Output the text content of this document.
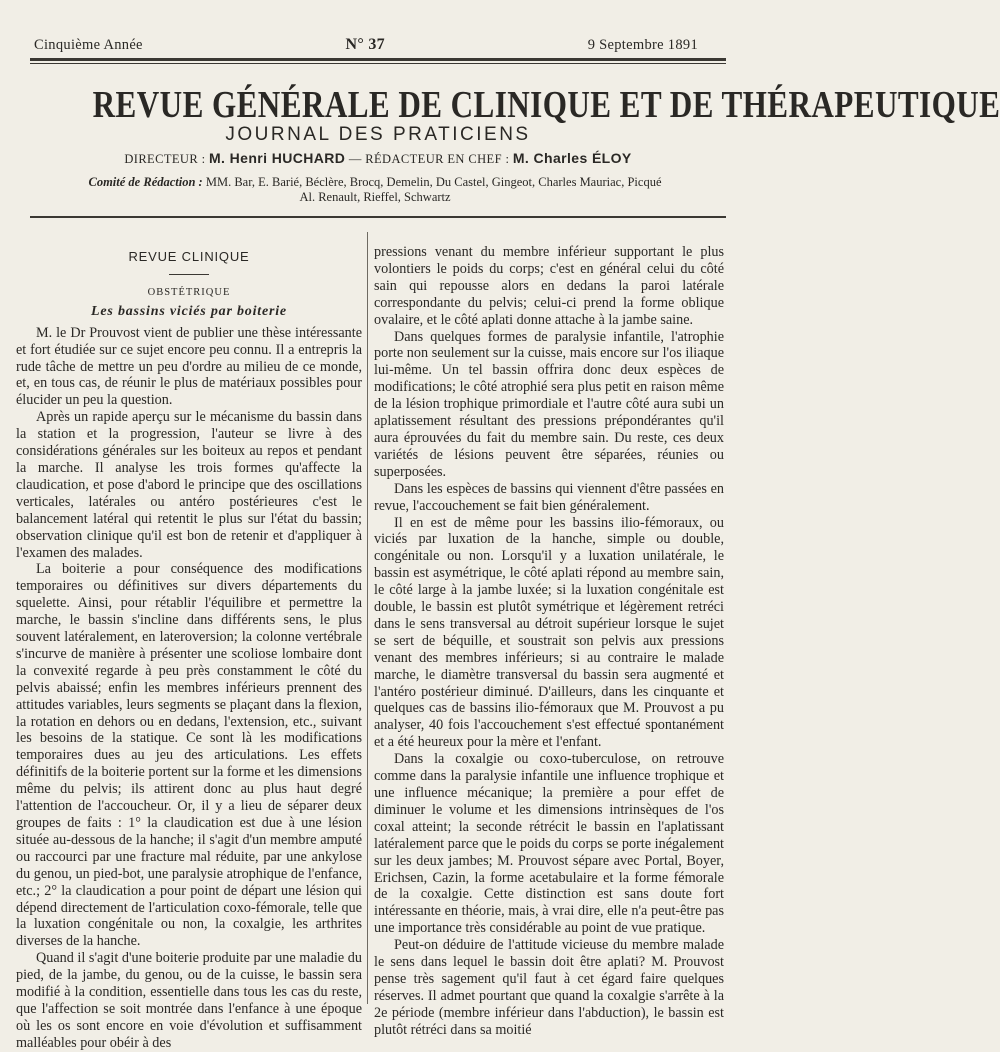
Cinquième Année	N° 37	9 Septembre 1891
REVUE GÉNÉRALE DE CLINIQUE ET DE THÉRAPEUTIQUE
JOURNAL DES PRATICIENS
DIRECTEUR : M. Henri HUCHARD — RÉDACTEUR EN CHEF : M. Charles ÉLOY
Comité de Rédaction : MM. Bar, E. Barié, Béclère, Brocq, Demelin, Du Castel, Gingeot, Charles Mauriac, Picqué
Al. Renault, Rieffel, Schwartz
REVUE CLINIQUE
OBSTÉTRIQUE
Les bassins viciés par boiterie

M. le Dr Prouvost vient de publier une thèse intéressante et fort étudiée sur ce sujet encore peu connu. Il a entrepris la rude tâche de mettre un peu d'ordre au milieu de ce monde, et, en tous cas, de réunir le plus de matériaux possibles pour élucider un peu la question.

Après un rapide aperçu sur le mécanisme du bassin dans la station et la progression, l'auteur se livre à des considérations générales sur les boiteux au repos et pendant la marche. Il analyse les trois formes qu'affecte la claudication, et pose d'abord le principe que des oscillations verticales, latérales ou antéro postérieures c'est le balancement latéral qui retentit le plus sur l'état du bassin; observation clinique qu'il est bon de retenir et d'appliquer à l'examen des malades.

La boiterie a pour conséquence des modifications temporaires ou définitives sur divers départements du squelette. Ainsi, pour rétablir l'équilibre et permettre la marche, le bassin s'incline dans différents sens, le plus souvent latéralement, en lateroversion; la colonne vertébrale s'incurve de manière à présenter une scoliose lombaire dont la convexité regarde à peu près constamment le côté du pelvis abaissé; enfin les membres inférieurs prennent des attitudes variables, leurs segments se plaçant dans la flexion, la rotation en dehors ou en dedans, l'extension, etc., suivant les besoins de la statique. Ce sont là les modifications temporaires dues au jeu des articulations. Les effets définitifs de la boiterie portent sur la forme et les dimensions même du pelvis; ils attirent donc au plus haut degré l'attention de l'accoucheur. Or, il y a lieu de séparer deux groupes de faits : 1° la claudication est due à une lésion située au-dessous de la hanche; il s'agit d'un membre amputé ou raccourci par une fracture mal réduite, par une ankylose du genou, un pied-bot, une paralysie atrophique de l'enfance, etc.; 2° la claudication a pour point de départ une lésion qui dépend directement de l'articulation coxo-fémorale, telle que la luxation congénitale ou non, la coxalgie, les arthrites diverses de la hanche.

Quand il s'agit d'une boiterie produite par une maladie du pied, de la jambe, du genou, ou de la cuisse, le bassin sera modifié à la condition, essentielle dans tous les cas du reste, que l'affection se soit montrée dans l'enfance à une époque où les os sont encore en voie d'évolution et suffisamment malléables pour obéir à des

pressions venant du membre inférieur supportant le plus volontiers le poids du corps; c'est en général celui du côté sain qui repousse alors en dedans la paroi latérale correspondante du pelvis; celui-ci prend la forme oblique ovalaire, et le côté aplati donne attache à la jambe saine.

Dans quelques formes de paralysie infantile, l'atrophie porte non seulement sur la cuisse, mais encore sur l'os iliaque lui-même. Un tel bassin offrira donc deux espèces de modifications; le côté atrophié sera plus petit en raison même de la lésion trophique primordiale et l'autre côté aura subi un aplatissement résultant des pressions prépondérantes qu'il aura éprouvées du fait du membre sain. Du reste, ces deux variétés de lésions peuvent être séparées, réunies ou superposées.

Dans les espèces de bassins qui viennent d'être passées en revue, l'accouchement se fait bien généralement.

Il en est de même pour les bassins ilio-fémoraux, ou viciés par luxation de la hanche, simple ou double, congénitale ou non. Lorsqu'il y a luxation unilatérale, le bassin est asymétrique, le côté aplati répond au membre sain, le côté large à la jambe luxée; si la luxation congénitale est double, le bassin est plutôt symétrique et légèrement retréci dans le sens transversal au détroit supérieur lorsque le sujet se sert de béquille, et soustrait son pelvis aux pressions venant des membres inférieurs; si au contraire le malade marche, le diamètre transversal du bassin sera augmenté et l'antéro postérieur diminué. D'ailleurs, dans les cinquante et quelques cas de bassins ilio-fémoraux que M. Prouvost a pu analyser, 40 fois l'accouchement s'est effectué spontanément et a été heureux pour la mère et l'enfant.

Dans la coxalgie ou coxo-tuberculose, on retrouve comme dans la paralysie infantile une influence trophique et une influence mécanique; la première a pour effet de diminuer le volume et les dimensions intrinsèques de l'os coxal atteint; la seconde rétrécit le bassin en l'aplatissant latéralement parce que le poids du corps se porte inégalement sur les deux jambes; M. Prouvost sépare avec Portal, Boyer, Erichsen, Cazin, la forme acetabulaire et la forme fémorale de la coxalgie. Cette distinction est sans doute fort intéressante en théorie, mais, à vrai dire, elle n'a peut-être pas une importance très considérable au point de vue pratique.

Peut-on déduire de l'attitude vicieuse du membre malade le sens dans lequel le bassin doit être aplati? M. Prouvost pense très sagement qu'il faut à cet égard faire quelques réserves. Il admet pourtant que quand la coxalgie s'arrête à la 2e période (membre inférieur dans l'abduction), le bassin est plutôt rétréci dans sa moitié
